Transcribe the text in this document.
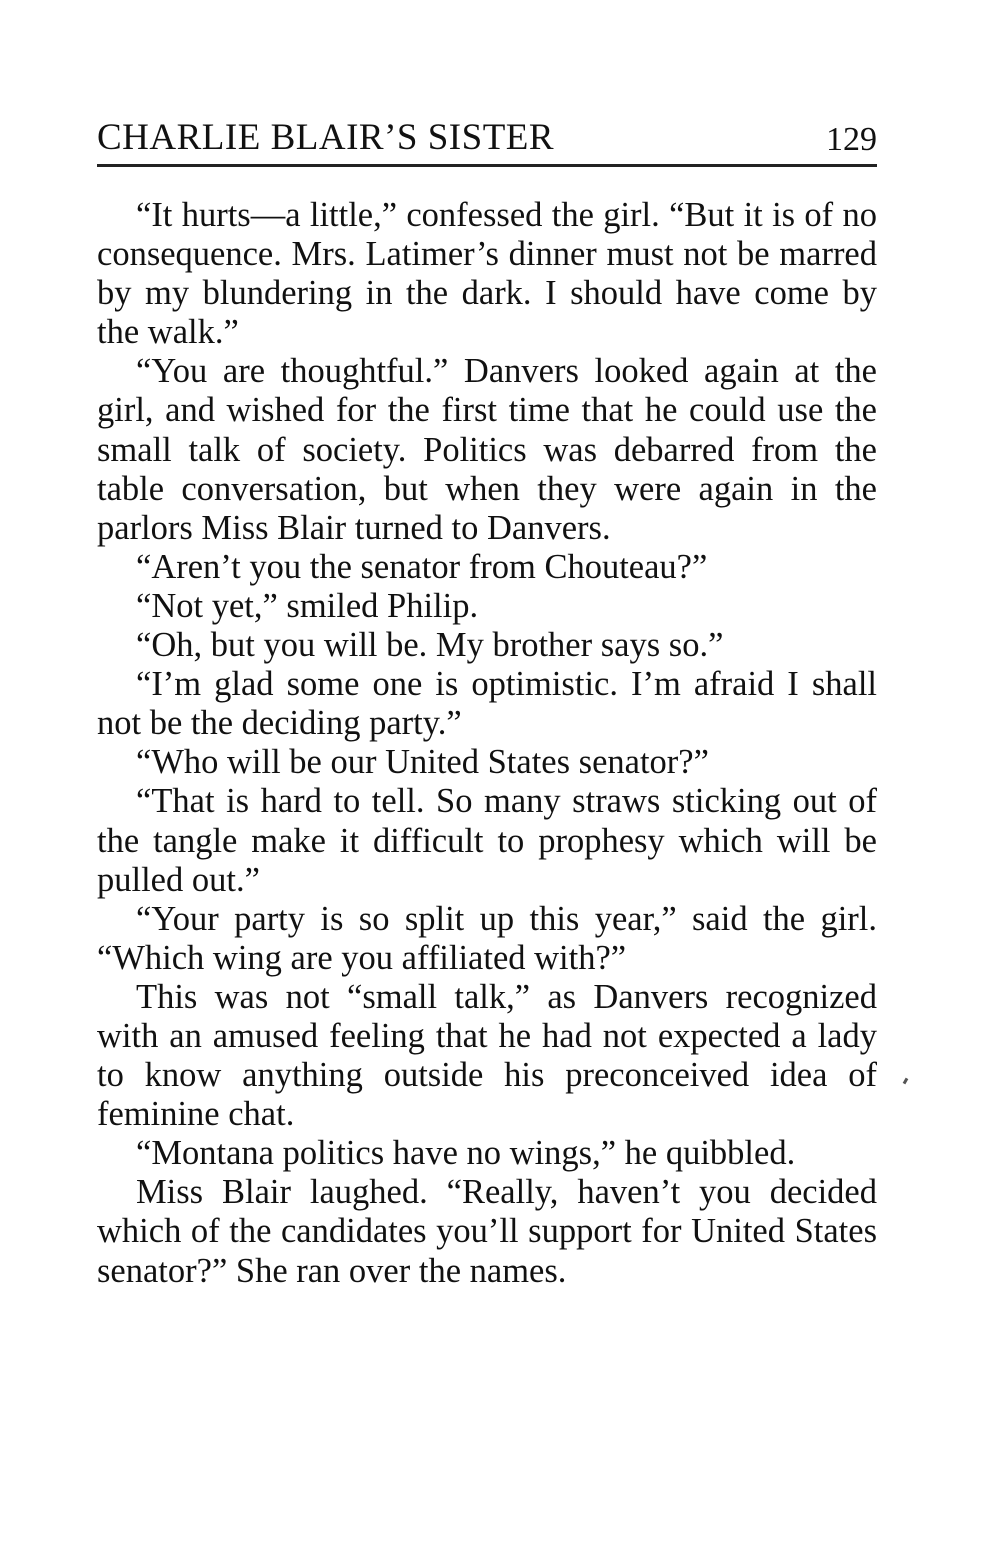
CHARLIE BLAIR’S SISTER	129

“It hurts—a little,” confessed the girl. “But it is of no consequence. Mrs. Latimer’s dinner must not be marred by my blundering in the dark. I should have come by the walk.”

“You are thoughtful.” Danvers looked again at the girl, and wished for the first time that he could use the small talk of society. Politics was debarred from the table conversation, but when they were again in the parlors Miss Blair turned to Danvers.

“Aren’t you the senator from Chouteau?”

“Not yet,” smiled Philip.

“Oh, but you will be. My brother says so.”

“I’m glad some one is optimistic. I’m afraid I shall not be the deciding party.”

“Who will be our United States senator?”

“That is hard to tell. So many straws sticking out of the tangle make it difficult to prophesy which will be pulled out.”

“Your party is so split up this year,” said the girl. “Which wing are you affiliated with?”

This was not “small talk,” as Danvers recognized with an amused feeling that he had not expected a lady to know anything outside his preconceived idea of feminine chat.

“Montana politics have no wings,” he quibbled.

Miss Blair laughed. “Really, haven’t you decided which of the candidates you’ll support for United States senator?” She ran over the names.
